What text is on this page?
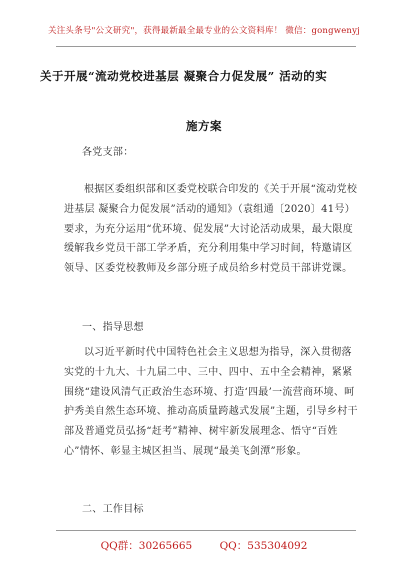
关注头条号"公文研究"，获得最新最全最专业的公文资料库！ 微信：gongwenyj
关于开展“流动党校进基层 凝聚合力促发展” 活动的实
施方案
各党支部：
根据区委组织部和区委党校联合印发的《关于开展“流动党校进基层 凝聚合力促发展”活动的通知》（袁组通〔2020〕41号）要求，为充分运用“优环境、促发展”大讨论活动成果，最大限度缓解我乡党员干部工学矛盾，充分利用集中学习时间，特邀请区领导、区委党校教师及乡部分班子成员给乡村党员干部讲党课。
一、指导思想
以习近平新时代中国特色社会主义思想为指导，深入贯彻落实党的十九大、十九届二中、三中、四中、五中全会精神，紧紧围绕“建设风清气正政治生态环境、打造‘四最’一流营商环境、呵护秀美自然生态环境、推动高质量跨越式发展”主题，引导乡村干部及普通党员弘扬“赶考”精神、树牢新发展理念、悟守“百姓心”情怀、彰显主城区担当、展现“最美飞剑潭”形象。
二、工作目标
QQ群：30265665	QQ：535304092
